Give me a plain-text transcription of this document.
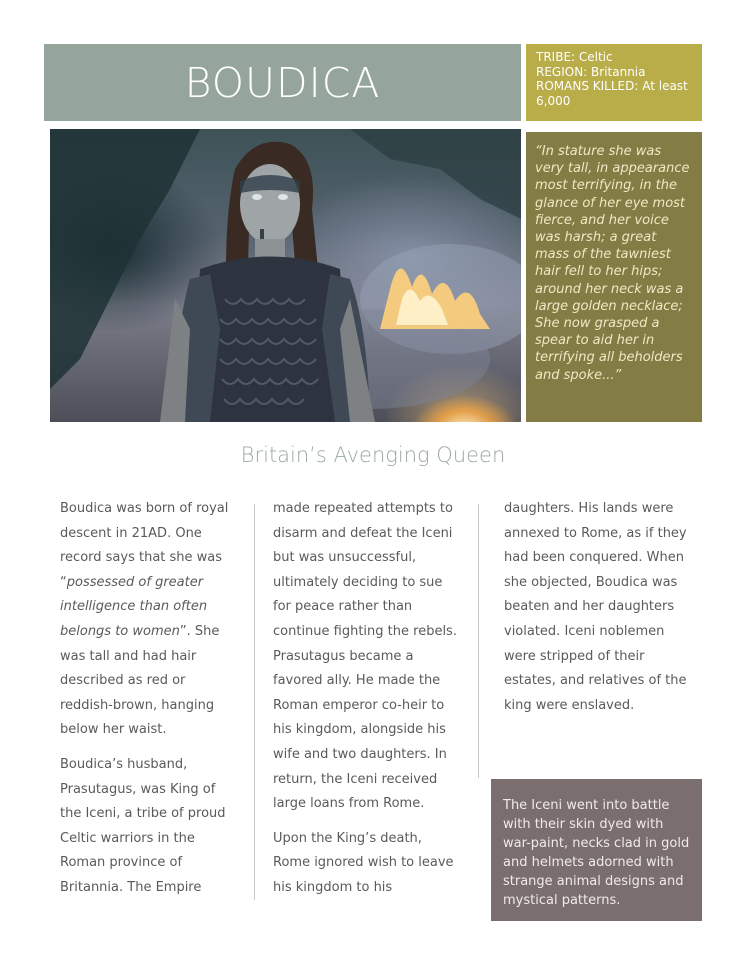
BOUDICA
TRIBE: Celtic
REGION: Britannia
ROMANS KILLED: At least 6,000
“In stature she was very tall, in appearance most terrifying, in the glance of her eye most fierce, and her voice was harsh; a great mass of the tawniest hair fell to her hips; around her neck was a large golden necklace; She now grasped a spear to aid her in terrifying all beholders and spoke...”
Britain’s Avenging Queen

Boudica was born of royal descent in 21AD. One record says that she was “possessed of greater intelligence than often belongs to women”. She was tall and had hair described as red or reddish-brown, hanging below her waist.

Boudica’s husband, Prasutagus, was King of the Iceni, a tribe of proud Celtic warriors in the Roman province of Britannia. The Empire

made repeated attempts to disarm and defeat the Iceni but was unsuccessful, ultimately deciding to sue for peace rather than continue fighting the rebels. Prasutagus became a favored ally. He made the Roman emperor co-heir to his kingdom, alongside his wife and two daughters. In return, the Iceni received large loans from Rome.

Upon the King’s death, Rome ignored wish to leave his kingdom to his

daughters. His lands were annexed to Rome, as if they had been conquered. When she objected, Boudica was beaten and her daughters violated. Iceni noblemen were stripped of their estates, and relatives of the king were enslaved.

The Iceni went into battle with their skin dyed with war-paint, necks clad in gold and helmets adorned with strange animal designs and mystical patterns.
